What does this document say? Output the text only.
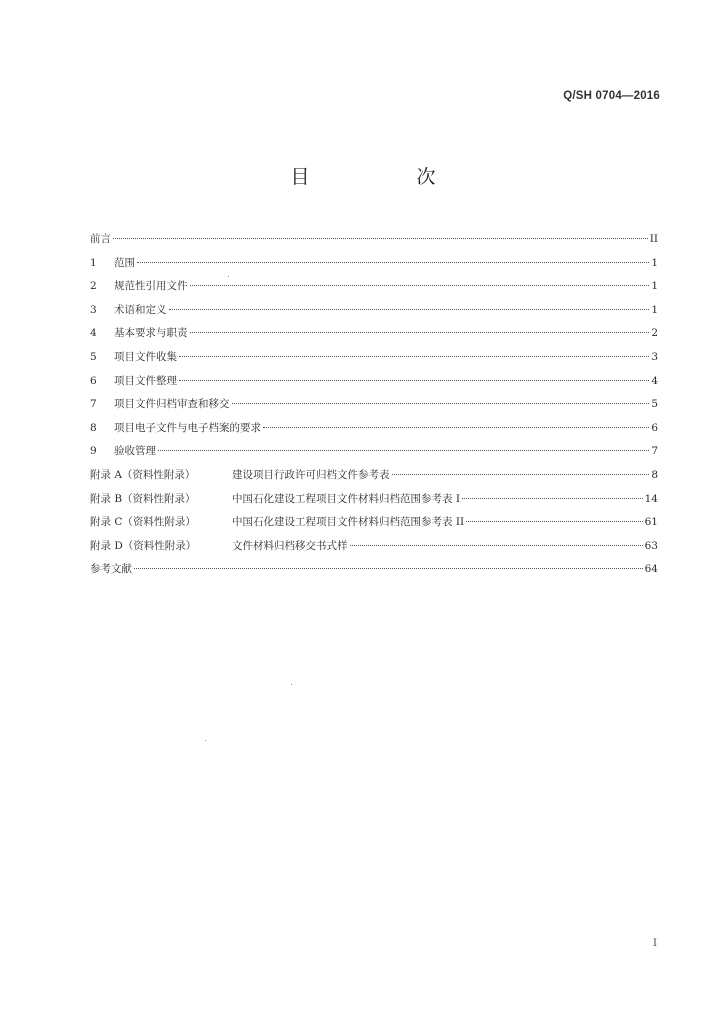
Q/SH 0704—2016
目　次
前言	II
1	范围	1
2	规范性引用文件	1
3	术语和定义	1
4	基本要求与职责	2
5	项目文件收集	3
6	项目文件整理	4
7	项目文件归档审查和移交	5
8	项目电子文件与电子档案的要求	6
9	验收管理	7
附录 A（资料性附录）	建设项目行政许可归档文件参考表	8
附录 B（资料性附录）	中国石化建设工程项目文件材料归档范围参考表 I	14
附录 C（资料性附录）	中国石化建设工程项目文件材料归档范围参考表 II	61
附录 D（资料性附录）	文件材料归档移交书式样	63
参考文献	64
I
